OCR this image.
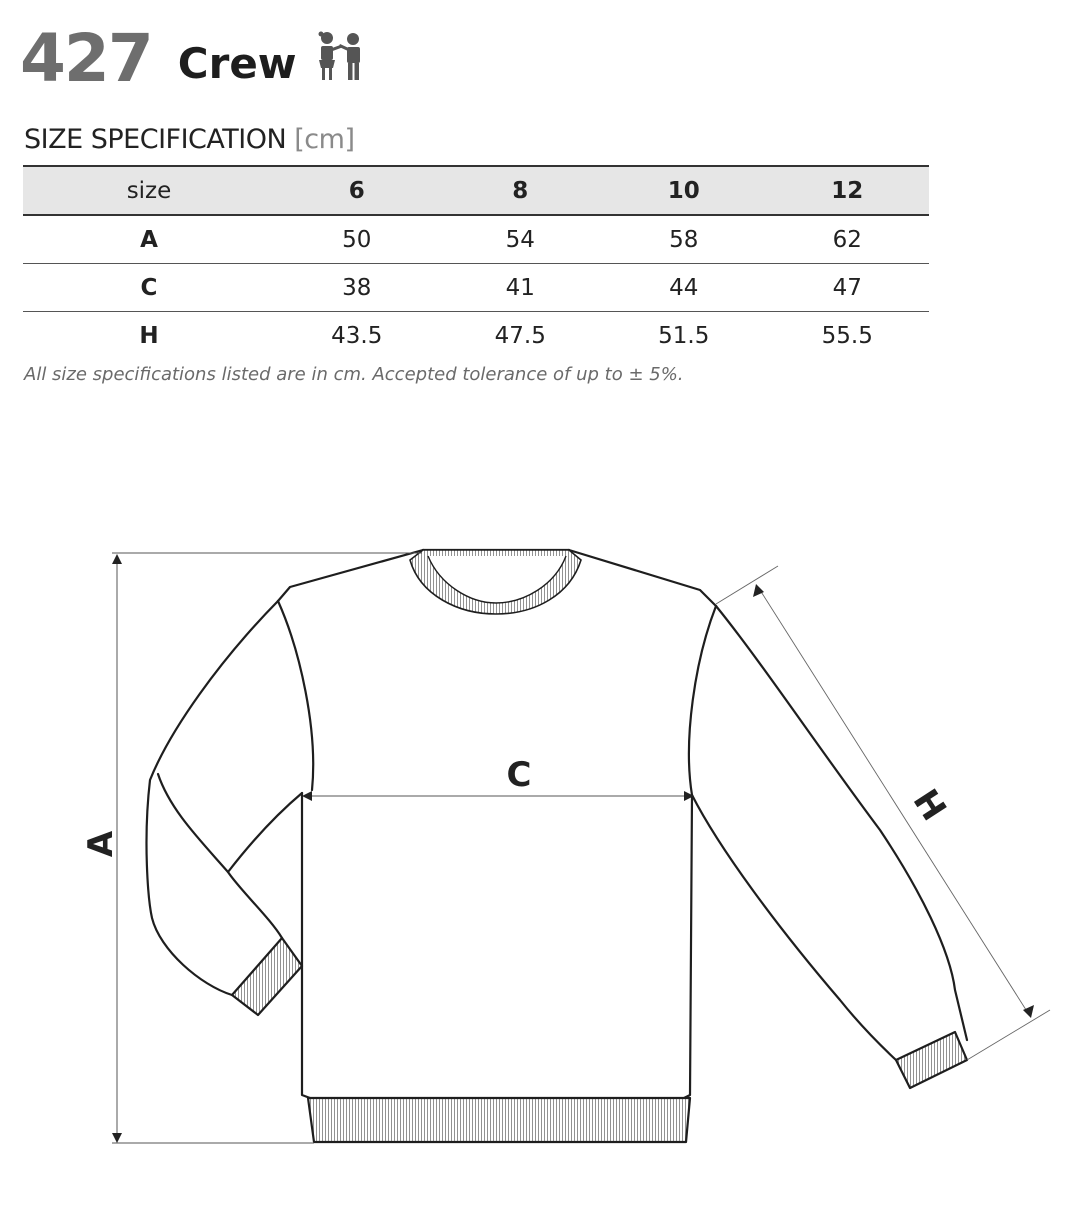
427 Crew
SIZE SPECIFICATION [cm]
size	6	8	10	12
A	50	54	58	62
C	38	41	44	47
H	43.5	47.5	51.5	55.5
All size specifications listed are in cm. Accepted tolerance of up to ± 5%.
A
C
H
